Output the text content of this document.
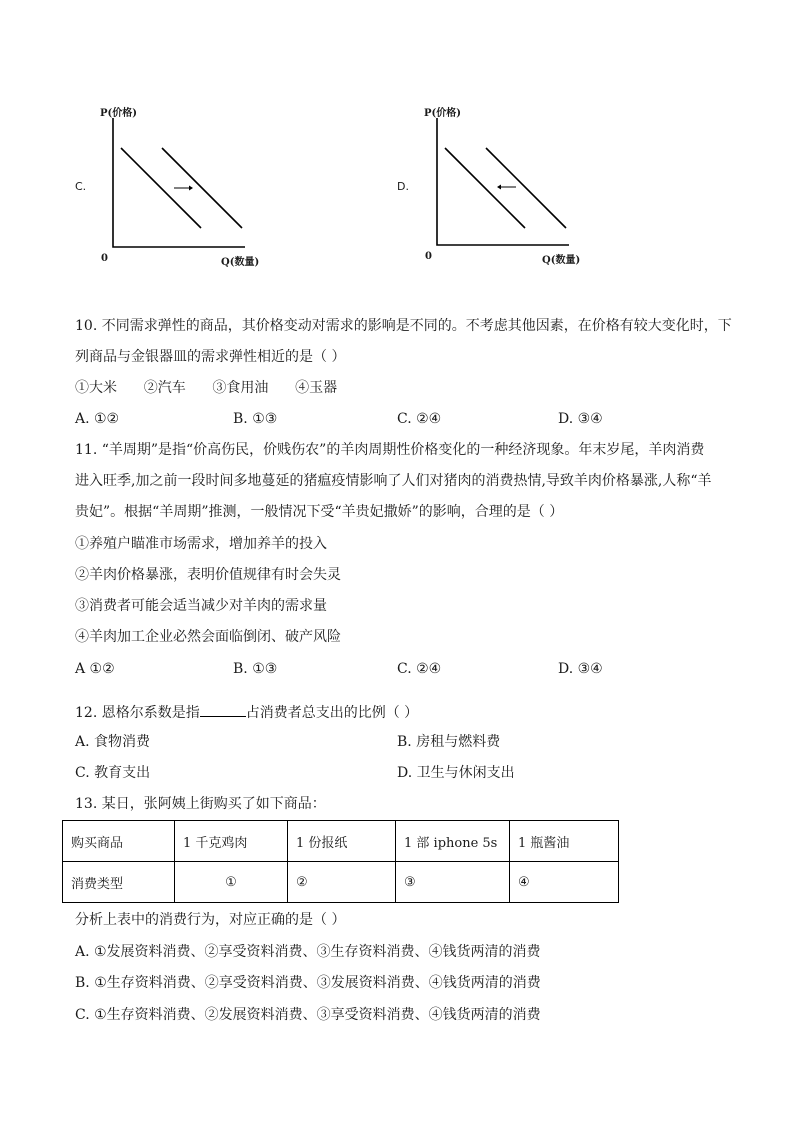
C.
P(价格)
Q(数量)
0
D.
P(价格)
Q(数量)
0
10. 不同需求弹性的商品，其价格变动对需求的影响是不同的。不考虑其他因素，在价格有较大变化时，下
列商品与金银器皿的需求弹性相近的是（ ）
①大米      ②汽车      ③食用油      ④玉器
A. ①②	B. ①③	C. ②④	D. ③④
11. “羊周期”是指“价高伤民，价贱伤农”的羊肉周期性价格变化的一种经济现象。年末岁尾，羊肉消费
进入旺季,加之前一段时间多地蔓延的猪瘟疫情影响了人们对猪肉的消费热情,导致羊肉价格暴涨,人称“羊
贵妃”。根据“羊周期”推测，一般情况下受“羊贵妃撒娇”的影响，合理的是（ ）
①养殖户瞄准市场需求，增加养羊的投入
②羊肉价格暴涨，表明价值规律有时会失灵
③消费者可能会适当减少对羊肉的需求量
④羊肉加工企业必然会面临倒闭、破产风险
A ①②	B. ①③	C. ②④	D. ③④
12. 恩格尔系数是指	占消费者总支出的比例（ ）
A. 食物消费	B. 房租与燃料费
C. 教育支出	D. 卫生与休闲支出
13. 某日，张阿姨上街购买了如下商品：
购买商品	1 千克鸡肉	1 份报纸	1 部 iphone 5s	1 瓶酱油
消费类型	①	②	③	④
分析上表中的消费行为，对应正确的是（ ）
A. ①发展资料消费、②享受资料消费、③生存资料消费、④钱货两清的消费
B. ①生存资料消费、②享受资料消费、③发展资料消费、④钱货两清的消费
C. ①生存资料消费、②发展资料消费、③享受资料消费、④钱货两清的消费
